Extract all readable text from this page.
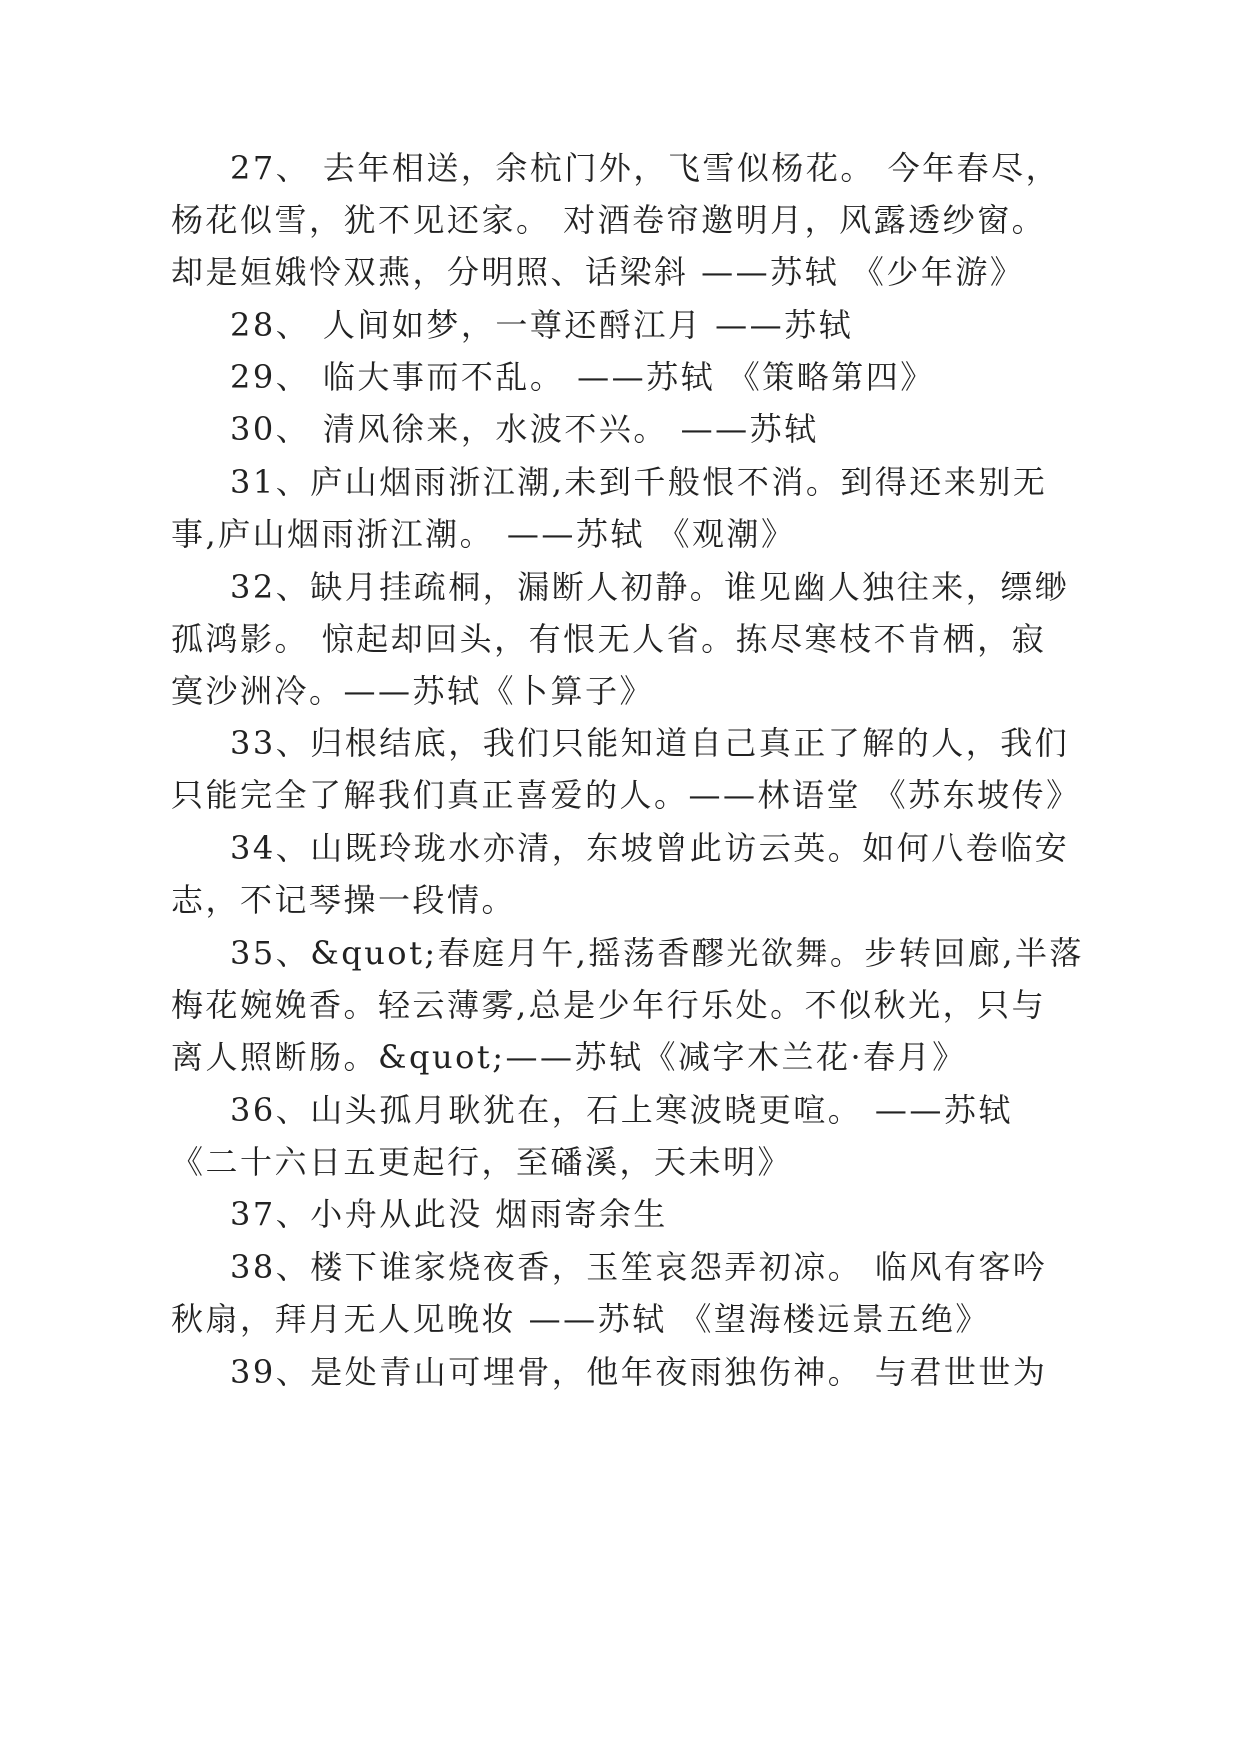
27、 去年相送，余杭门外，飞雪似杨花。 今年春尽，
杨花似雪，犹不见还家。 对酒卷帘邀明月，风露透纱窗。
却是姮娥怜双燕，分明照、话梁斜 ——苏轼 《少年游》
28、 人间如梦，一尊还酹江月 ——苏轼
29、 临大事而不乱。 ——苏轼 《策略第四》
30、 清风徐来，水波不兴。 ——苏轼
31、庐山烟雨浙江潮,未到千般恨不消。到得还来别无
事,庐山烟雨浙江潮。 ——苏轼 《观潮》
32、缺月挂疏桐，漏断人初静。谁见幽人独往来，缥缈
孤鸿影。 惊起却回头，有恨无人省。拣尽寒枝不肯栖，寂
寞沙洲冷。——苏轼《卜算子》
33、归根结底，我们只能知道自己真正了解的人，我们
只能完全了解我们真正喜爱的人。——林语堂 《苏东坡传》
34、山既玲珑水亦清，东坡曾此访云英。如何八卷临安
志，不记琴操一段情。
35、&quot;春庭月午,摇荡香醪光欲舞。步转回廊,半落
梅花婉娩香。轻云薄雾,总是少年行乐处。不似秋光，只与
离人照断肠。&quot;——苏轼《减字木兰花·春月》
36、山头孤月耿犹在，石上寒波晓更喧。 ——苏轼
《二十六日五更起行，至磻溪，天未明》
37、小舟从此没 烟雨寄余生
38、楼下谁家烧夜香，玉笙哀怨弄初凉。 临风有客吟
秋扇，拜月无人见晚妆 ——苏轼 《望海楼远景五绝》
39、是处青山可埋骨，他年夜雨独伤神。 与君世世为
